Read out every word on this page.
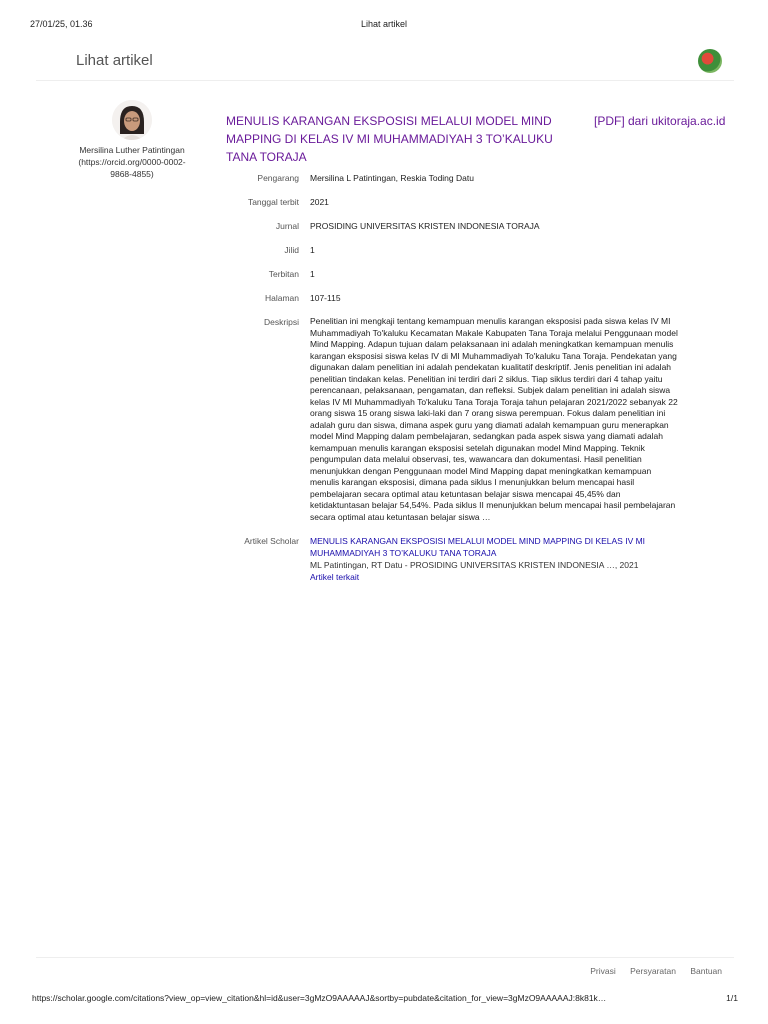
27/01/25, 01.36	Lihat artikel
Lihat artikel
Mersilina Luther Patintingan (https://orcid.org/0000-0002-9868-4855)
MENULIS KARANGAN EKSPOSISI MELALUI MODEL MIND MAPPING DI KELAS IV MI MUHAMMADIYAH 3 TO’KALUKU TANA TORAJA
[PDF] dari ukitoraja.ac.id
Pengarang Mersilina L Patintingan, Reskia Toding Datu
Tanggal terbit 2021
Jurnal PROSIDING UNIVERSITAS KRISTEN INDONESIA TORAJA
Jilid 1
Terbitan 1
Halaman 107-115
Deskripsi Penelitian ini mengkaji tentang kemampuan menulis karangan eksposisi pada siswa kelas IV MI Muhammadiyah To'kaluku Kecamatan Makale Kabupaten Tana Toraja melalui Penggunaan model Mind Mapping. Adapun tujuan dalam pelaksanaan ini adalah meningkatkan kemampuan menulis karangan eksposisi siswa kelas IV di MI Muhammadiyah To'kaluku Tana Toraja. Pendekatan yang digunakan dalam penelitian ini adalah pendekatan kualitatif deskriptif. Jenis penelitian ini adalah penelitian tindakan kelas. Penelitian ini terdiri dari 2 siklus. Tiap siklus terdiri dari 4 tahap yaitu perencanaan, pelaksanaan, pengamatan, dan refleksi. Subjek dalam penelitian ini adalah siswa kelas IV MI Muhammadiyah To'kaluku Tana Toraja Toraja tahun pelajaran 2021/2022 sebanyak 22 orang siswa 15 orang siswa laki-laki dan 7 orang siswa perempuan. Fokus dalam penelitian ini adalah guru dan siswa, dimana aspek guru yang diamati adalah kemampuan guru menerapkan model Mind Mapping dalam pembelajaran, sedangkan pada aspek siswa yang diamati adalah kemampuan menulis karangan eksposisi setelah digunakan model Mind Mapping. Teknik pengumpulan data melalui observasi, tes, wawancara dan dokumentasi. Hasil penelitian menunjukkan dengan Penggunaan model Mind Mapping dapat meningkatkan kemampuan menulis karangan eksposisi, dimana pada siklus I menunjukkan belum mencapai hasil pembelajaran secara optimal atau ketuntasan belajar siswa mencapai 45,45% dan ketidaktuntasan belajar 54,54%. Pada siklus II menunjukkan belum mencapai hasil pembelajaran secara optimal atau ketuntasan belajar siswa …
Artikel Scholar MENULIS KARANGAN EKSPOSISI MELALUI MODEL MIND MAPPING DI KELAS IV MI MUHAMMADIYAH 3 TO’KALUKU TANA TORAJA
ML Patintingan, RT Datu - PROSIDING UNIVERSITAS KRISTEN INDONESIA …, 2021
Artikel terkait
Privasi Persyaratan Bantuan
https://scholar.google.com/citations?view_op=view_citation&hl=id&user=3gMzO9AAAAAJ&sortby=pubdate&citation_for_view=3gMzO9AAAAAJ:8k81k…	1/1
